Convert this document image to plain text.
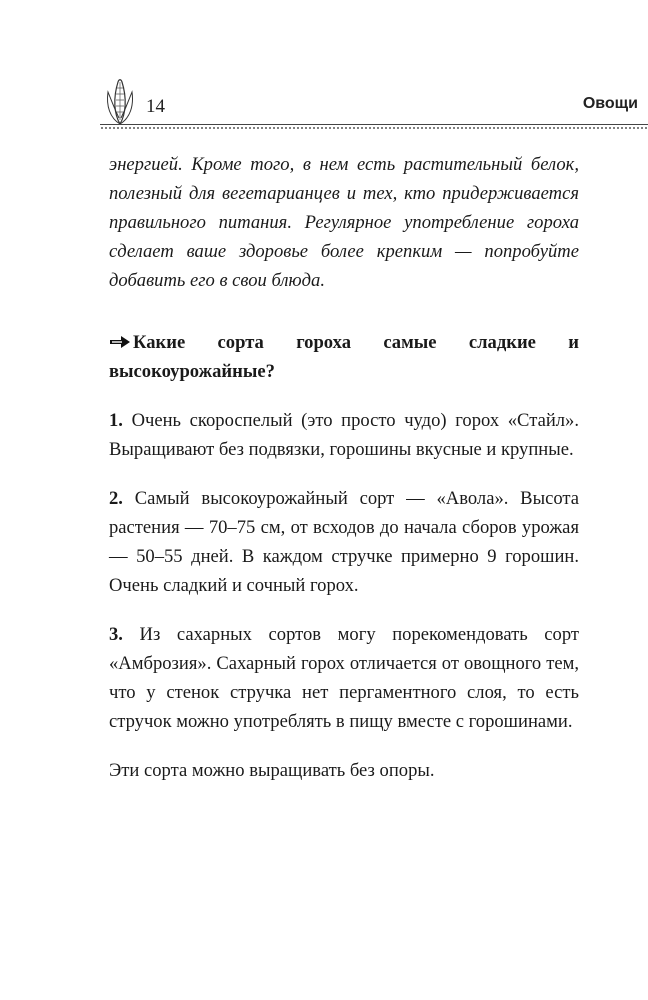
14	Овощи

энергией. Кроме того, в нем есть растительный белок, полезный для вегетарианцев и тех, кто придерживается правильного питания. Регулярное употребление гороха сделает ваше здоровье более крепким — попробуйте добавить его в свои блюда.

Какие сорта гороха самые сладкие и высокоурожайные?

1. Очень скороспелый (это просто чудо) горох «Стайл». Выращивают без подвязки, горошины вкусные и крупные.

2. Самый высокоурожайный сорт — «Авола». Высота растения — 70–75 см, от всходов до начала сборов урожая — 50–55 дней. В каждом стручке примерно 9 горошин. Очень сладкий и сочный горох.

3. Из сахарных сортов могу порекомендовать сорт «Амброзия». Сахарный горох отличается от овощного тем, что у стенок стручка нет пергаментного слоя, то есть стручок можно употреблять в пищу вместе с горошинами.

Эти сорта можно выращивать без опоры.
